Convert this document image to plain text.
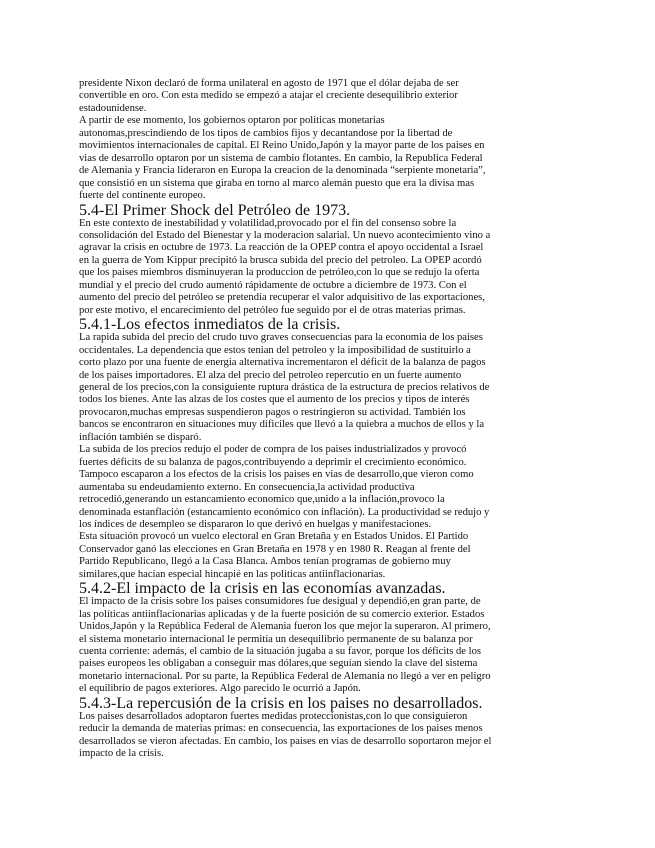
presidente Nixon declaró de forma unilateral en agosto de 1971 que el dólar dejaba de ser
convertible en oro. Con esta medido se empezó a atajar el creciente desequilibrio exterior
estadounidense.

A partir de ese momento, los gobiernos optaron por politicas monetarias
autonomas,prescindiendo de los tipos de cambios fijos y decantandose por la libertad de
movimientos internacionales de capital. El Reino Unido,Japón y la mayor parte de los paises en
vias de desarrollo optaron por un sistema de cambio flotantes. En cambio, la Republica Federal
de Alemania y Francia lideraron en Europa la creacion de la denominada “serpiente monetaria”,
que consistió en un sistema que giraba en torno al marco alemán puesto que era la divisa mas
fuerte del continente europeo.

5.4-El Primer Shock del Petróleo de 1973.

En este contexto de inestabilidad y volatilidad,provocado por el fin del consenso sobre la
consolidación del Estado del Bienestar y la moderacion salarial. Un nuevo acontecimiento vino a
agravar la crisis en octubre de 1973. La reacción de la OPEP contra el apoyo occidental a Israel
en la guerra de Yom Kippur precipitó la brusca subida del precio del petroleo. La OPEP acordó
que los paises miembros disminuyeran la produccion de petróleo,con lo que se redujo la oferta
mundial y el precio del crudo aumentó rápidamente de octubre a diciembre de 1973. Con el
aumento del precio del petróleo se pretendía recuperar el valor adquisitivo de las exportaciones,
por este motivo, el encarecimiento del petróleo fue seguido por el de otras materias primas.

5.4.1-Los efectos inmediatos de la crisis.

La rapida subida del precio del crudo tuvo graves consecuencias para la economia de los paises
occidentales. La dependencia que estos tenian del petroleo y la imposibilidad de sustituirlo a
corto plazo por una fuente de energia alternativa incrementaron el déficit de la balanza de pagos
de los paises importadores. El alza del precio del petroleo repercutio en un fuerte aumento
general de los precios,con la consiguiente ruptura drástica de la estructura de precios relativos de
todos los bienes. Ante las alzas de los costes que el aumento de los precios y tipos de interés
provocaron,muchas empresas suspendieron pagos o restringieron su actividad. También los
bancos se encontraron en situaciones muy dificiles que llevó a la quiebra a muchos de ellos y la
inflación también se disparó.

La subida de los precios redujo el poder de compra de los paises industrializados y provocó
fuertes déficits de su balanza de pagos,contribuyendo a deprimir el crecimiento económico.
Tampoco escaparon a los efectos de la crisis los paises en vias de desarrollo,que vieron como
aumentaba su endeudamiento externo. En consecuencia,la actividad productiva
retrocedió,generando un estancamiento economico que,unido a la inflación,provoco la
denominada estanflación (estancamiento económico con inflación). La productividad se redujo y
los índices de desempleo se dispararon lo que derivó en huelgas y manifestaciones.

Esta situación provocó un vuelco electoral en Gran Bretaña y en Estados Unidos. El Partido
Conservador ganó las elecciones en Gran Bretaña en 1978 y en 1980 R. Reagan al frente del
Partido Republicano, llegó a la Casa Blanca. Ambos tenían programas de gobierno muy
similares,que hacían especial hincapié en las politicas antiinflacionarias.

5.4.2-El impacto de la crisis en las economías avanzadas.

El impacto de la crisis sobre los paises consumidores fue desigual y dependió,en gran parte, de
las políticas antiinflacionarias aplicadas y de la fuerte posición de su comercio exterior. Estados
Unidos,Japón y la República Federal de Alemania fueron los que mejor la superaron. Al primero,
el sistema monetario internacional le permitía un desequilibrio permanente de su balanza por
cuenta corriente: además, el cambio de la situación jugaba a su favor, porque los déficits de los
paises europeos les obligaban a conseguir mas dólares,que seguían siendo la clave del sistema
monetario internacional. Por su parte, la República Federal de Alemania no llegó a ver en peligro
el equilibrio de pagos exteriores. Algo parecido le ocurrió a Japón.

5.4.3-La repercusión de la crisis en los paises no desarrollados.

Los paises desarrollados adoptaron fuertes medidas proteccionistas,con lo que consiguieron
reducir la demanda de materias primas: en consecuencia, las exportaciones de los paises menos
desarrollados se vieron afectadas. En cambio, los paises en vias de desarrollo soportaron mejor el
impacto de la crisis.
